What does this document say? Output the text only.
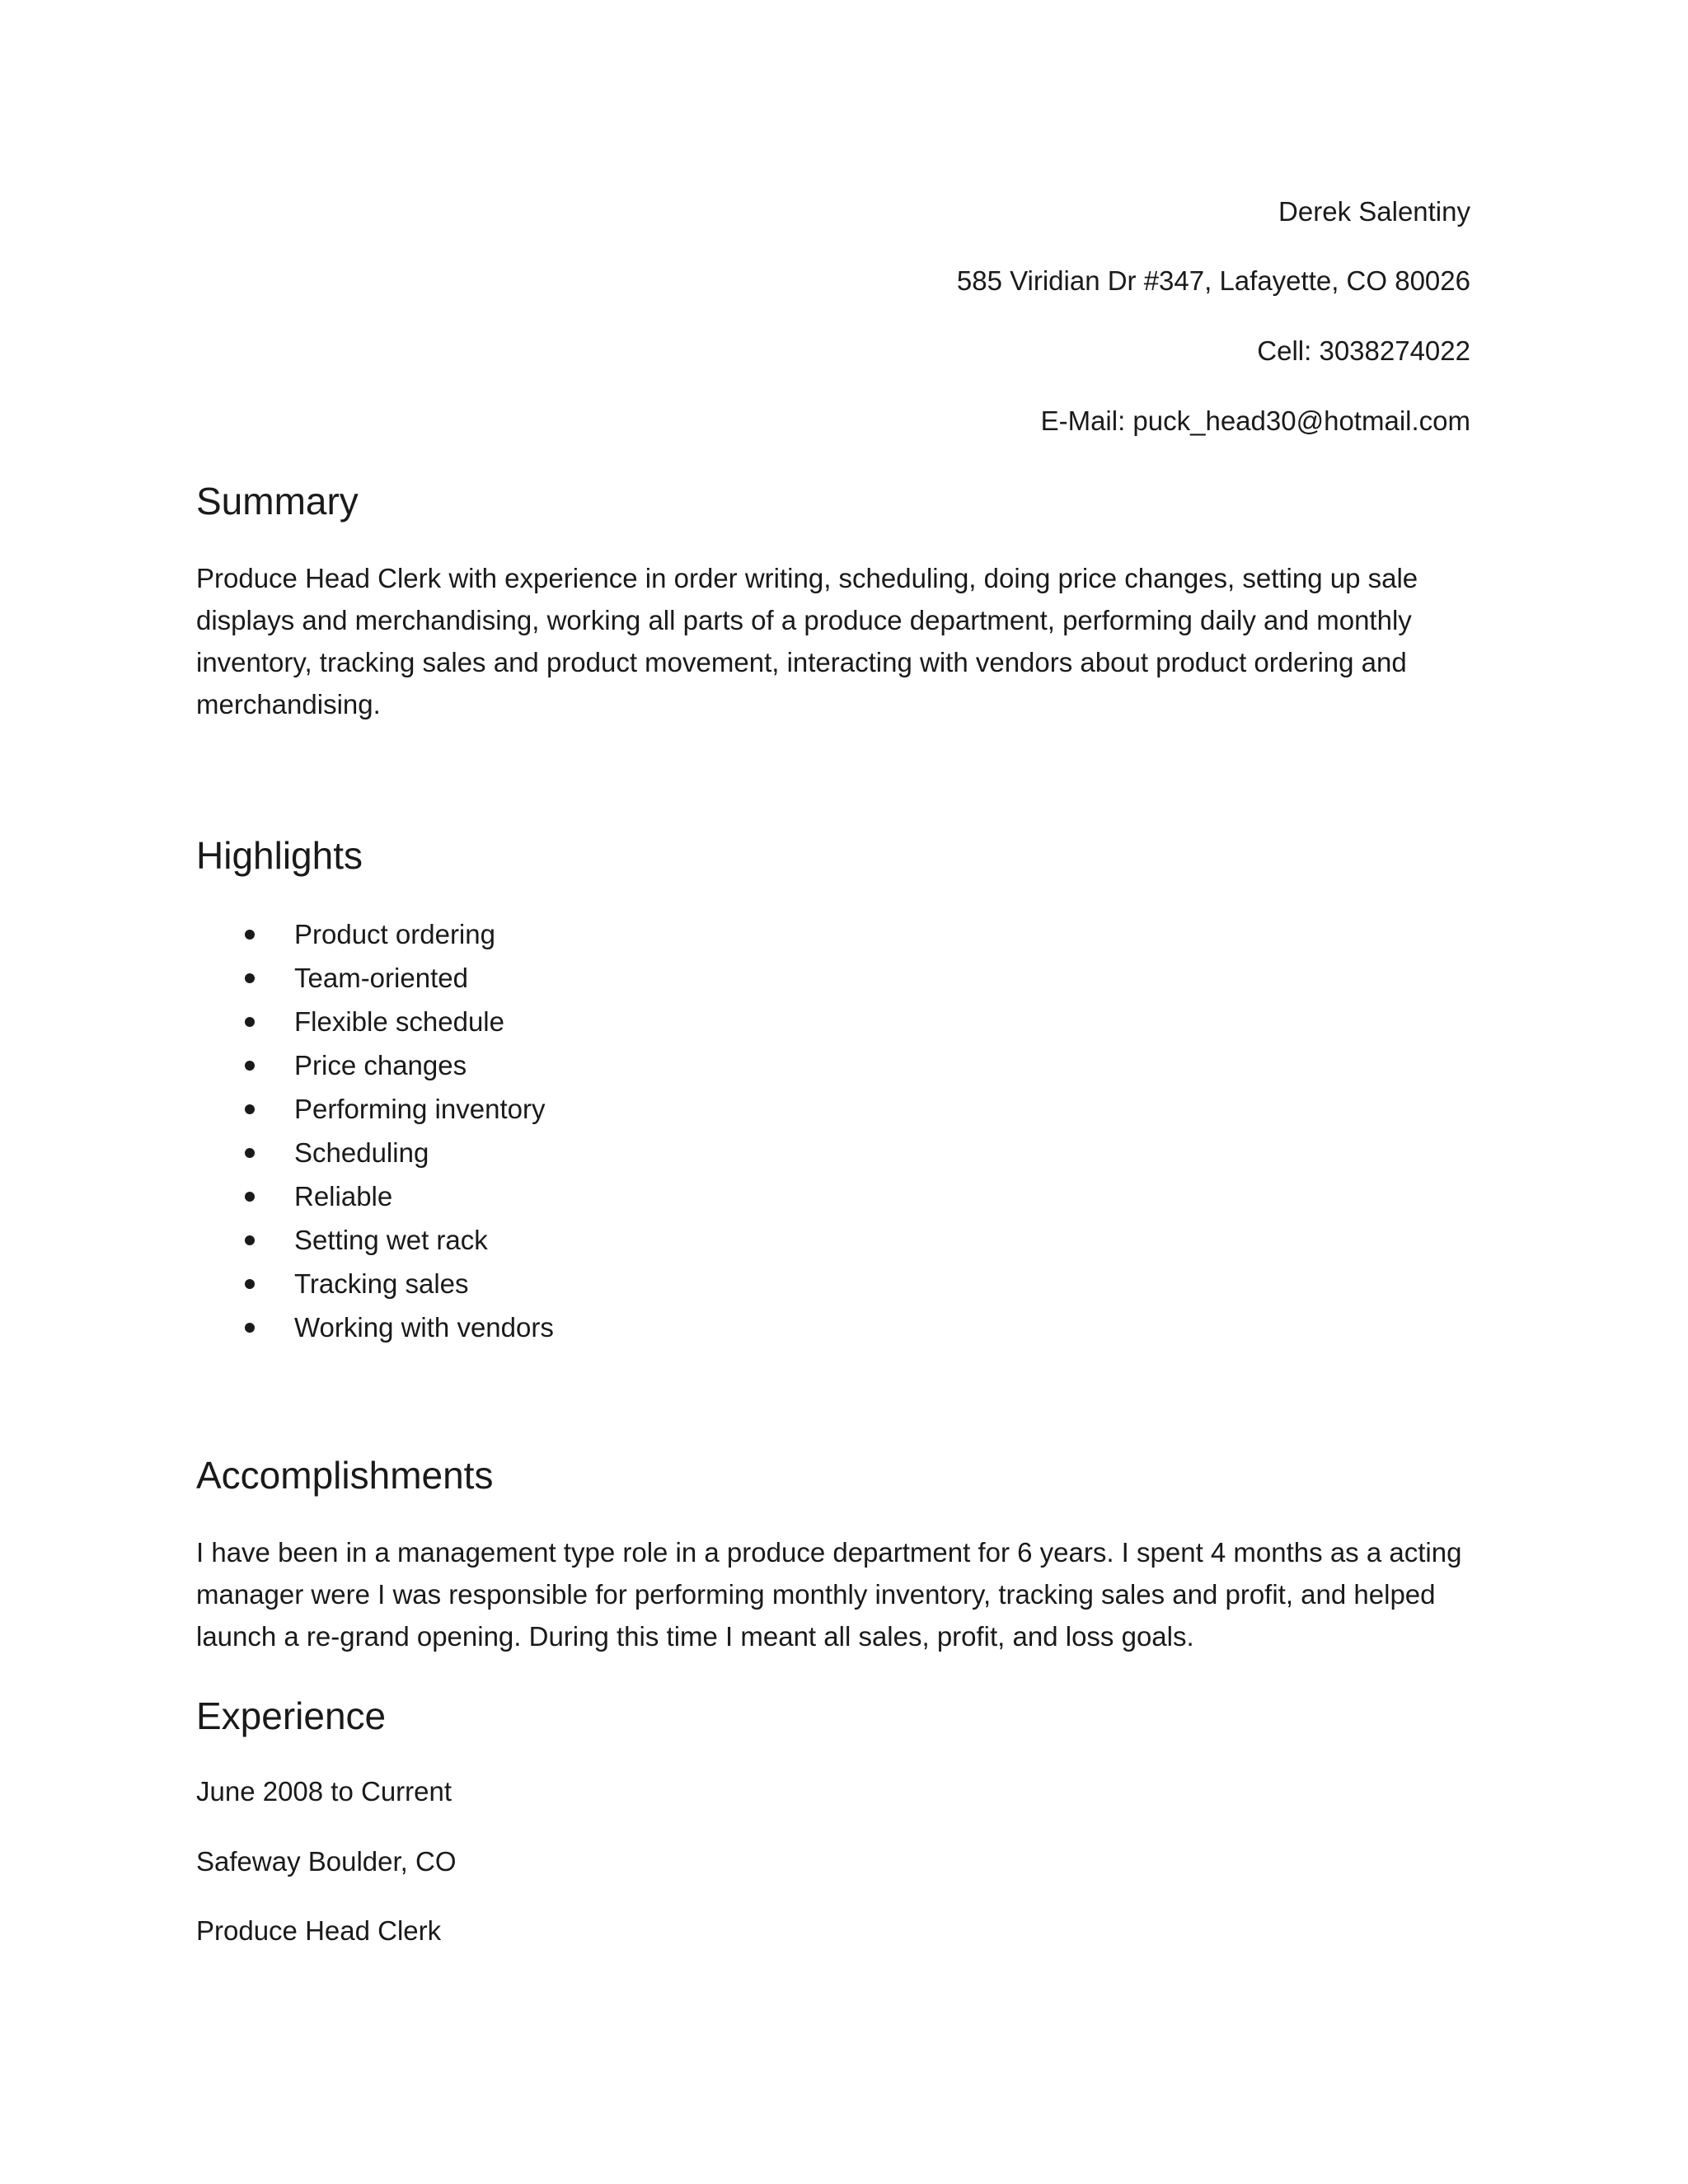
Derek Salentiny
585 Viridian Dr #347, Lafayette, CO 80026
Cell: 3038274022
E-Mail: puck_head30@hotmail.com
Summary

Produce Head Clerk with experience in order writing, scheduling, doing price changes, setting up sale displays and merchandising, working all parts of a produce department, performing daily and monthly inventory, tracking sales and product movement, interacting with vendors about product ordering and merchandising.

Highlights
Product ordering
Team-oriented
Flexible schedule
Price changes
Performing inventory
Scheduling
Reliable
Setting wet rack
Tracking sales
Working with vendors
Accomplishments

I have been in a management type role in a produce department for 6 years. I spent 4 months as a acting manager were I was responsible for performing monthly inventory, tracking sales and profit, and helped launch a re-grand opening. During this time I meant all sales, profit, and loss goals.

Experience
June 2008 to Current
Safeway Boulder, CO
Produce Head Clerk
